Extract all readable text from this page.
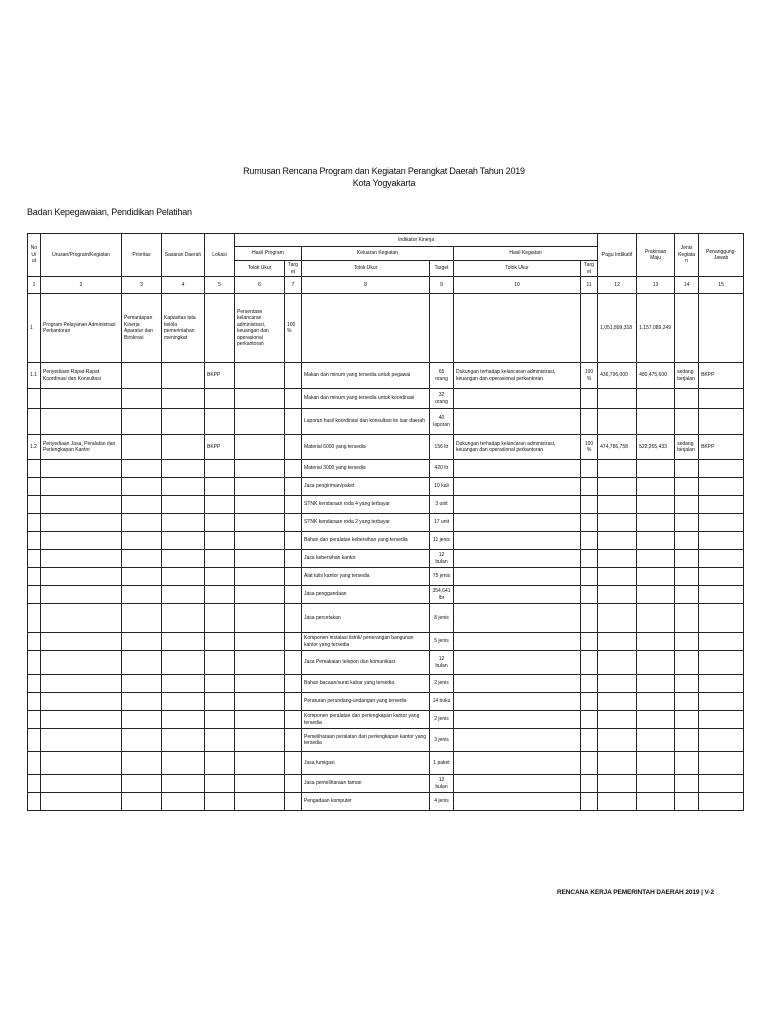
Rumusan Rencana Program dan Kegiatan Perangkat Daerah Tahun 2019
Kota Yogyakarta
Badan Kepegawaian, Pendidikan Pelatihan
No Urut	Urusan/Program/Kegiatan	Prioritas	Sasaran Daerah	Lokasi	Indikator Kinerja						Pagu Indikatif	Prakiraan Maju	Jenis Kegiatan	Penanggung-Jawab
					Hasil Program		Keluaran Kegiatan		Hasil Kegiatan					
					Tolok Ukur	Target	Tolok Ukur	Target	Tolok Ukur	Target				
1	2	3	4	5	6	7	8	9	10	11	12	13	14	15
1	Program Pelayanan Administrasi Perkantoran	Pemantapan Kinerja Aparatur dan Birokrasi	Kapasitas tata kelola pemerintahan meningkat		Persentase kelancaran administrasi, keuangan dan operasional perkantoran	100%					1,051,899,318	1,157,089,249		
1.1	Penyediaan Rapat-Rapat Koordinasi dan Konsultasi			BKPP			Makan dan minum yang tersedia untuk pegawai	65 orang	Dukungan terhadap kelancaran administrasi, keuangan dan operasional perkantoran	100%	436,796,000	480,475,600	sedang berjalan	BKPP
							Makan dan minum yang tersedia untuk koordinasi	32 orang						
							Laporan hasil koordinasi dan konsultasi ke luar daerah	40 laporan						
1.2	Penyediaan Jasa, Peralatan dan Perlengkapan Kantor			BKPP			Material 6000 yang tersedia	156 ltr	Dukungan terhadap kelancaran administrasi, keuangan dan operasional perkantoran	100%	474,786,758	522,265,433	sedang berjalan	BKPP
							Material 3000 yang tersedia	420 ltr						
							Jasa pengiriman/paket	10 kali						
							STNK kendaraan roda 4 yang terbayar	3 unit						
							STNK kendaraan roda 2 yang terbayar	17 unit						
							Bahan dan peralatan kebersihan yang tersedia	11 jenis						
							Jasa kebersihan kantor	12 bulan						
							Alat tulis kantor yang tersedia	75 jenis						
							Jasa penggandaan	354,641 lbr						
							Jasa percetakan	8 jenis						
							Komponen instalasi listrik/ penerangan bangunan kantor yang tersedia	5 jenis						
							Jasa Pemakaian telepon dan komunikasi	12 bulan						
							Bahan bacaan/surat kabar yang tersedia	2 jenis						
							Peraturan perundang-undangan yang tersedia	14 buku						
							Komponen peralatan dan perlengkapan kantor yang tersedia	2 jenis						
							Pemeliharaan peralatan dan perlengkapan kantor yang tersedia	3 jenis						
							Jasa fumigasi	1 paket						
							Jasa pemeliharaan taman	12 bulan						
							Pengadaan komputer	4 jenis						
RENCANA KERJA PEMERINTAH DAERAH 2019 | V-2
